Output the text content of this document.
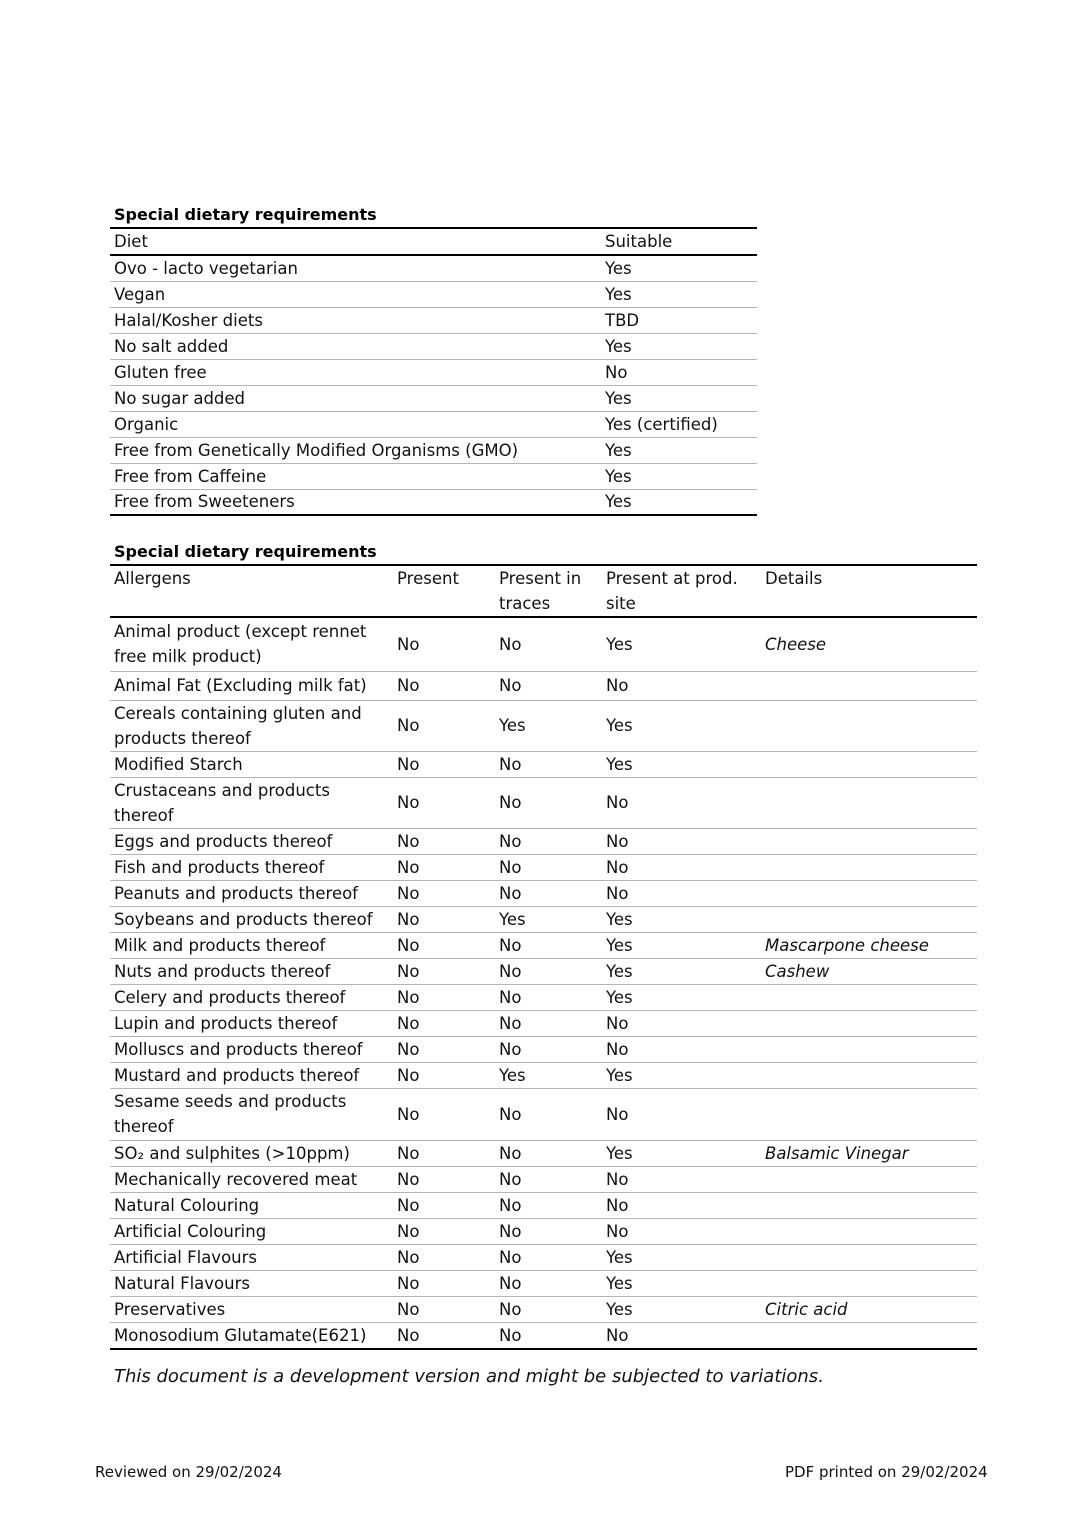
Special dietary requirements
Diet	Suitable
Ovo - lacto vegetarian	Yes
Vegan	Yes
Halal/Kosher diets	TBD
No salt added	Yes
Gluten free	No
No sugar added	Yes
Organic	Yes (certified)
Free from Genetically Modified Organisms (GMO)	Yes
Free from Caffeine	Yes
Free from Sweeteners	Yes
Special dietary requirements
Allergens	Present	Present in traces	Present at prod. site	Details
Animal product (except rennet free milk product)	No	No	Yes	Cheese
Animal Fat (Excluding milk fat)	No	No	No	
Cereals containing gluten and products thereof	No	Yes	Yes	
Modified Starch	No	No	Yes	
Crustaceans and products thereof	No	No	No	
Eggs and products thereof	No	No	No	
Fish and products thereof	No	No	No	
Peanuts and products thereof	No	No	No	
Soybeans and products thereof	No	Yes	Yes	
Milk and products thereof	No	No	Yes	Mascarpone cheese
Nuts and products thereof	No	No	Yes	Cashew
Celery and products thereof	No	No	Yes	
Lupin and products thereof	No	No	No	
Molluscs and products thereof	No	No	No	
Mustard and products thereof	No	Yes	Yes	
Sesame seeds and products thereof	No	No	No	
SO₂ and sulphites (>10ppm)	No	No	Yes	Balsamic Vinegar
Mechanically recovered meat	No	No	No	
Natural Colouring	No	No	No	
Artificial Colouring	No	No	No	
Artificial Flavours	No	No	Yes	
Natural Flavours	No	No	Yes	
Preservatives	No	No	Yes	Citric acid
Monosodium Glutamate(E621)	No	No	No	
This document is a development version and might be subjected to variations.
Reviewed on 29/02/2024	PDF printed on 29/02/2024
